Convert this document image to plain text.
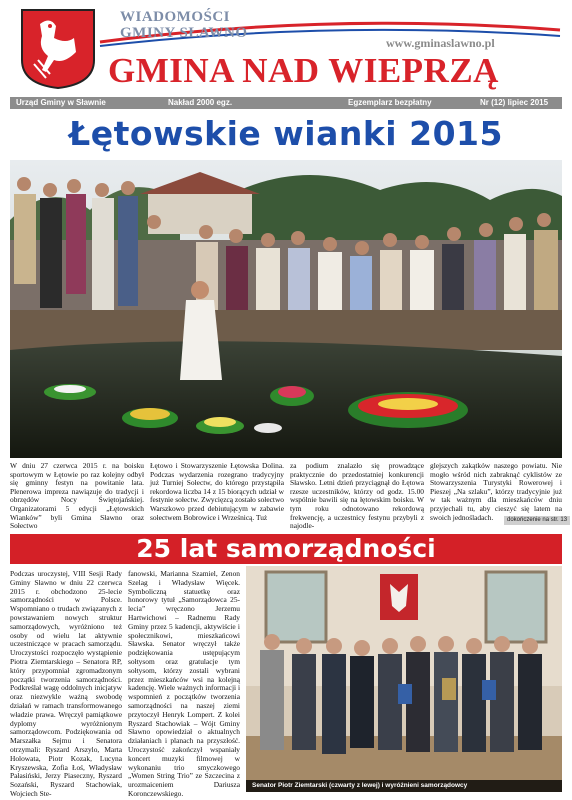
WIADOMOŚCI
GMINY SŁAWNO
www.gminaslawno.pl
GMINA NAD WIEPRZĄ
Urząd Gminy w Sławnie	Nakład 2000 egz.	Egzemplarz bezpłatny	Nr (12) lipiec 2015
Łętowskie wianki 2015
W dniu 27 czerwca 2015 r. na boisku sportowym w Łętowie po raz kolejny odbył się gminny festyn na powitanie lata. Plenerowa impreza nawiązuje do tradycji i obrzędów Nocy Świętojańskiej. Organizatorami 5 edycji „Łętowskich Wianków” byli Gmina Sławno oraz Sołectwo
Łętowo i Stowarzyszenie Łętowska Dolina. Podczas wydarzenia rozegrano tradycyjny już Turniej Sołectw, do którego przystąpiła rekordowa liczba 14 z 15 biorących udział w festynie sołectw. Zwycięzcą zostało sołectwo Warszkowo przed debiutującym w zabawie sołectwem Bobrowice i Wrześnicą. Tuż
za podium znalazło się prowadzące praktycznie do przedostatniej konkurencji Sławsko. Letni dzień przyciągnął do Łętowa rzesze uczestników, którzy od godz. 15.00 wspólnie bawili się na łętowskim boisku. W tym roku odnotowano rekordową frekwencję, a uczestnicy festynu przybyli z najodle-
glejszych zakątków naszego powiatu. Nie mogło wśród nich zabraknąć cyklistów ze Stowarzyszenia Turystyki Rowerowej i Pieszej „Na szlaku”, którzy tradycyjnie już w tak ważnym dla mieszkańców dniu przyjechali tu, aby cieszyć się latem na swoich jednośladach.	dokończenie na str. 13
25 lat samorządności
Podczas uroczystej, VIII Sesji Rady Gminy Sławno w dniu 22 czerwca 2015 r. obchodzono 25-lecie samorządności w Polsce. Wspomniano o trudach związanych z powstawaniem nowych struktur samorządowych, wyróżniono też osoby od wielu lat aktywnie uczestniczące w pracach samorządu. Uroczystości rozpoczęło wystąpienie Piotra Ziemtarskiego – Senatora RP, który przypomniał zgromadzonym początki tworzenia samorządności. Podkreślał wagę oddolnych inicjatyw oraz niezwykle ważną swobodę działań w ramach transformowanego władzie prawa. Wręczył pamiątkowe dyplomy wyróżnionym samorządowcom. Podziękowania od Marszałka Sejmu i Senatora otrzymali: Ryszard Arszylo, Marta Holowata, Piotr Kozak, Lucyna Kryszewska, Zofia Łoś, Władysław Pałasiński, Jerzy Piaseczny, Ryszard Sozański, Ryszard Stachowiak, Wojciech Ste-
fanowski, Marianna Szamiel, Zenon Szelag i Władysław Więcek. Symboliczną statuetkę oraz honorowy tytuł „Samorządowca 25-lecia” wręczono Jerzemu Hartwichowi – Radnemu Rady Gminy przez 5 kadencji, aktywiście i społecznikowi, mieszkańcowi Sławska. Senator wręczył także podziękowania ustępującym sołtysom oraz gratulacje tym sołtysom, którzy zostali wybrani przez mieszkańców wsi na kolejną kadencję. Wiele ważnych informacji i wspomnień z początków tworzenia samorządności na naszej ziemi przytoczył Henryk Lompert. Z kolei Ryszard Stachowiak – Wójt Gminy Sławno opowiedział o aktualnych działaniach i planach na przyszłość. Uroczystość zakończył wspaniały koncert muzyki filmowej w wykonaniu trio smyczkowego „Women String Trio” ze Szczecina z urozmaiceniem Dariusza Koronczewskiego.
Senator Piotr Ziemtarski (czwarty z lewej) i wyróżnieni samorządowcy
